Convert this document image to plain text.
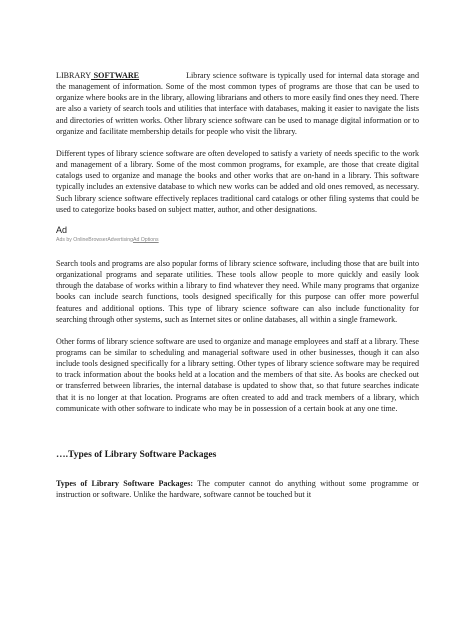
LIBRARY SOFTWARE	Library science software is typically used for internal data storage and the management of information. Some of the most common types of programs are those that can be used to organize where books are in the library, allowing librarians and others to more easily find ones they need. There are also a variety of search tools and utilities that interface with databases, making it easier to navigate the lists and directories of written works. Other library science software can be used to manage digital information or to organize and facilitate membership details for people who visit the library.

Different types of library science software are often developed to satisfy a variety of needs specific to the work and management of a library. Some of the most common programs, for example, are those that create digital catalogs used to organize and manage the books and other works that are on-hand in a library. This software typically includes an extensive database to which new works can be added and old ones removed, as necessary. Such library science software effectively replaces traditional card catalogs or other filing systems that could be used to categorize books based on subject matter, author, and other designations.

Ad
Ads by OnlineBrowserAdvertisingAd Options

Search tools and programs are also popular forms of library science software, including those that are built into organizational programs and separate utilities. These tools allow people to more quickly and easily look through the database of works within a library to find whatever they need. While many programs that organize books can include search functions, tools designed specifically for this purpose can offer more powerful features and additional options. This type of library science software can also include functionality for searching through other systems, such as Internet sites or online databases, all within a single framework.

Other forms of library science software are used to organize and manage employees and staff at a library. These programs can be similar to scheduling and managerial software used in other businesses, though it can also include tools designed specifically for a library setting. Other types of library science software may be required to track information about the books held at a location and the members of that site. As books are checked out or transferred between libraries, the internal database is updated to show that, so that future searches indicate that it is no longer at that location. Programs are often created to add and track members of a library, which communicate with other software to indicate who may be in possession of a certain book at any one time.

….Types of Library Software Packages

Types of Library Software Packages: The computer cannot do anything without some programme or instruction or software. Unlike the hardware, software cannot be touched but it
